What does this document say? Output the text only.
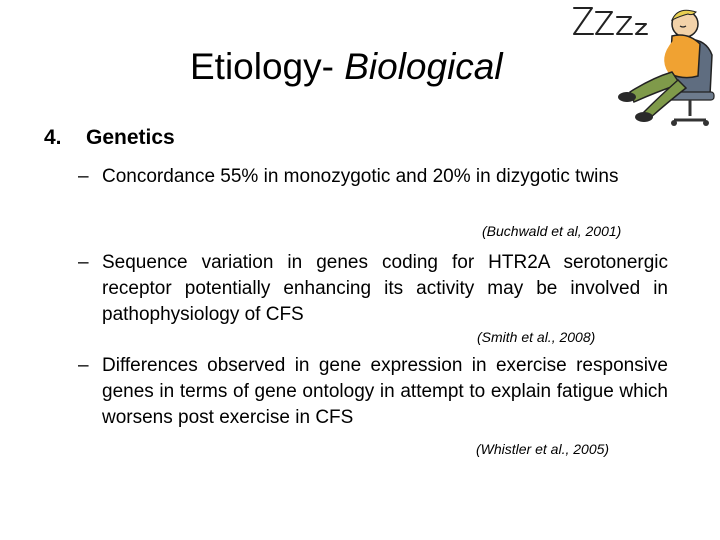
Etiology- Biological
4. Genetics
– Concordance 55% in monozygotic and 20% in dizygotic twins
(Buchwald et al, 2001)
– Sequence variation in genes coding for HTR2A serotonergic receptor potentially enhancing its activity may be involved in pathophysiology of CFS
(Smith et al., 2008)
– Differences observed in gene expression in exercise responsive genes in terms of gene ontology in attempt to explain fatigue which worsens post exercise in CFS
(Whistler et al., 2005)
